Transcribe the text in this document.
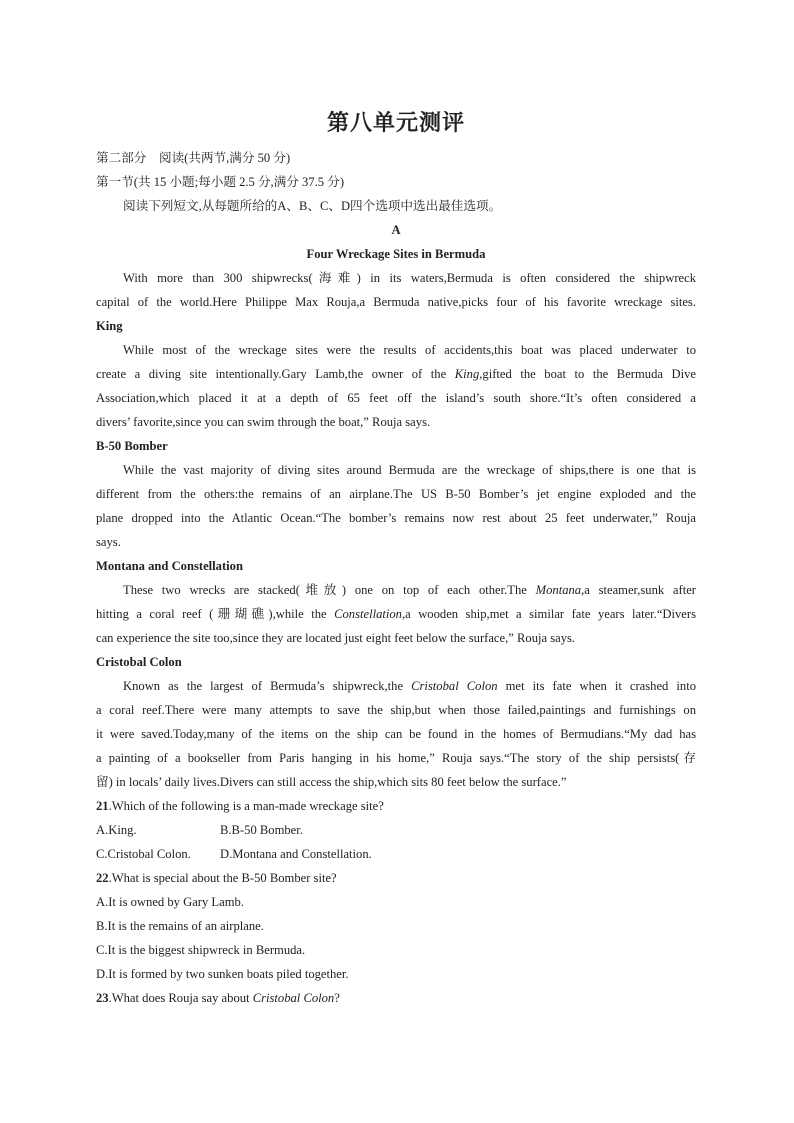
第八单元测评
第二部分　阅读(共两节,满分 50 分)
第一节(共 15 小题;每小题 2.5 分,满分 37.5 分)
阅读下列短文,从每题所给的A、B、C、D四个选项中选出最佳选项。
A
Four Wreckage Sites in Bermuda
With more than 300 shipwrecks(海难) in its waters,Bermuda is often considered the shipwreck
capital of the world.Here Philippe Max Rouja,a Bermuda native,picks four of his favorite wreckage sites.
King
While most of the wreckage sites were the results of accidents,this boat was placed underwater to
create a diving site intentionally.Gary Lamb,the owner of the King,gifted the boat to the Bermuda Dive
Association,which placed it at a depth of 65 feet off the island’s south shore.“It’s often considered a
divers’ favorite,since you can swim through the boat,” Rouja says.
B-50 Bomber
While the vast majority of diving sites around Bermuda are the wreckage of ships,there is one that is
different from the others:the remains of an airplane.The US B-50 Bomber’s jet engine exploded and the
plane dropped into the Atlantic Ocean.“The bomber’s remains now rest about 25 feet underwater,” Rouja
says.
Montana and Constellation
These two wrecks are stacked(堆放) one on top of each other.The Montana,a steamer,sunk after
hitting a coral reef (珊瑚礁),while the Constellation,a wooden ship,met a similar fate years later.“Divers
can experience the site too,since they are located just eight feet below the surface,” Rouja says.
Cristobal Colon
Known as the largest of Bermuda’s shipwreck,the Cristobal Colon met its fate when it crashed into
a coral reef.There were many attempts to save the ship,but when those failed,paintings and furnishings on
it were saved.Today,many of the items on the ship can be found in the homes of Bermudians.“My dad has
a painting of a bookseller from Paris hanging in his home,” Rouja says.“The story of the ship persists(存
留) in locals’ daily lives.Divers can still access the ship,which sits 80 feet below the surface.”
21.Which of the following is a man-made wreckage site?
A.King.	B.B-50 Bomber.
C.Cristobal Colon. D.Montana and Constellation.
22.What is special about the B-50 Bomber site?
A.It is owned by Gary Lamb.
B.It is the remains of an airplane.
C.It is the biggest shipwreck in Bermuda.
D.It is formed by two sunken boats piled together.
23.What does Rouja say about Cristobal Colon?
